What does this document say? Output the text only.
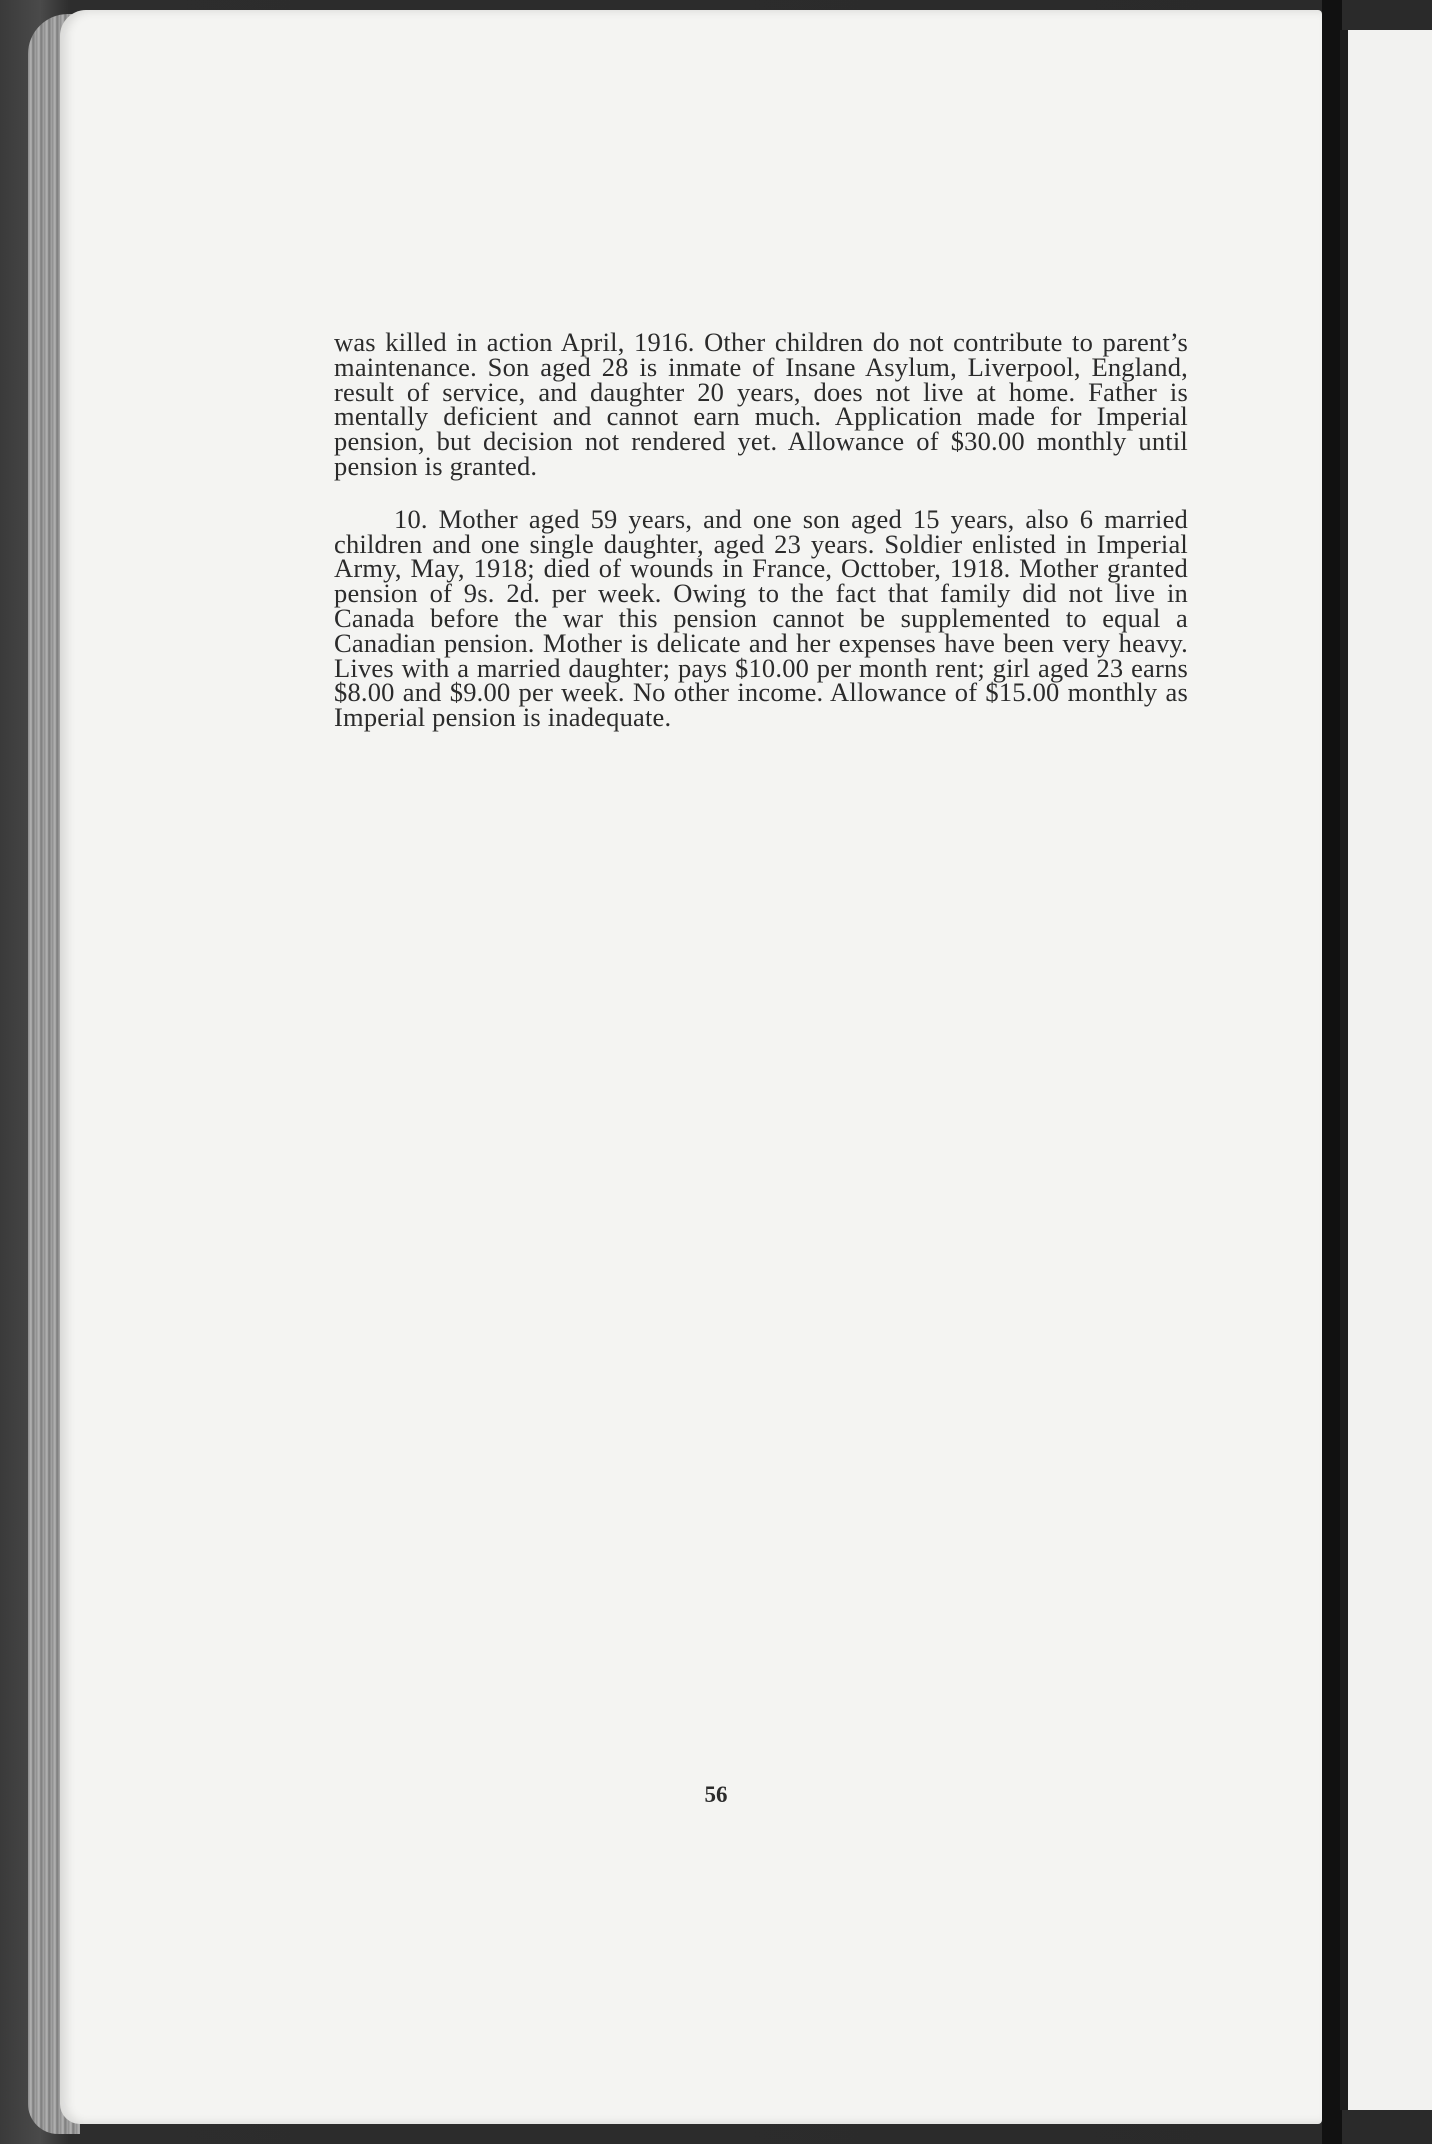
was killed in action April, 1916. Other children do not contribute to parent’s maintenance. Son aged 28 is inmate of Insane Asylum, Liverpool, England, result of service, and daughter 20 years, does not live at home. Father is mentally deficient and cannot earn much. Application made for Imperial pension, but decision not rendered yet. Allowance of $30.00 monthly until pension is granted.

10. Mother aged 59 years, and one son aged 15 years, also 6 married children and one single daughter, aged 23 years. Soldier enlisted in Imperial Army, May, 1918; died of wounds in France, Octtober, 1918. Mother granted pension of 9s. 2d. per week. Owing to the fact that family did not live in Canada before the war this pension cannot be supplemented to equal a Canadian pension. Mother is delicate and her expenses have been very heavy. Lives with a married daughter; pays $10.00 per month rent; girl aged 23 earns $8.00 and $9.00 per week. No other income. Allowance of $15.00 monthly as Imperial pension is inadequate.

56
